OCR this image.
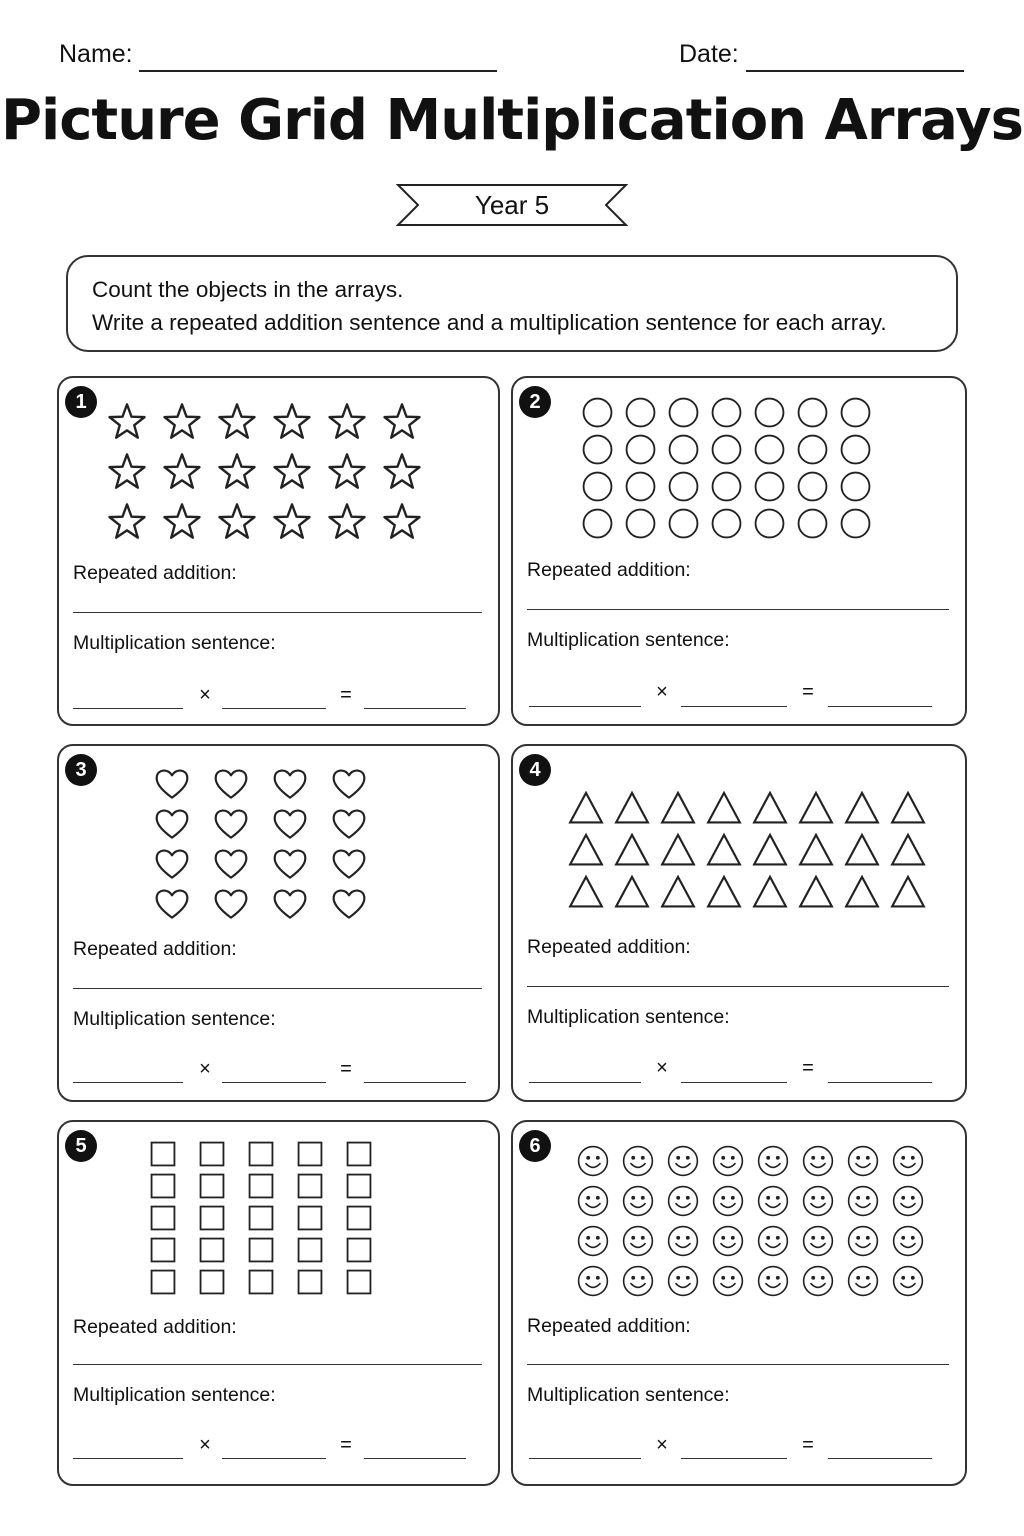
Name:	Date:
Picture Grid Multiplication Arrays
Year 5
Count the objects in the arrays.
Write a repeated addition sentence and a multiplication sentence for each array.
1
Repeated addition:
Multiplication sentence:
×	=
2
Repeated addition:
Multiplication sentence:
×	=
3
Repeated addition:
Multiplication sentence:
×	=
4
Repeated addition:
Multiplication sentence:
×	=
5
Repeated addition:
Multiplication sentence:
×	=
6
Repeated addition:
Multiplication sentence:
×	=
